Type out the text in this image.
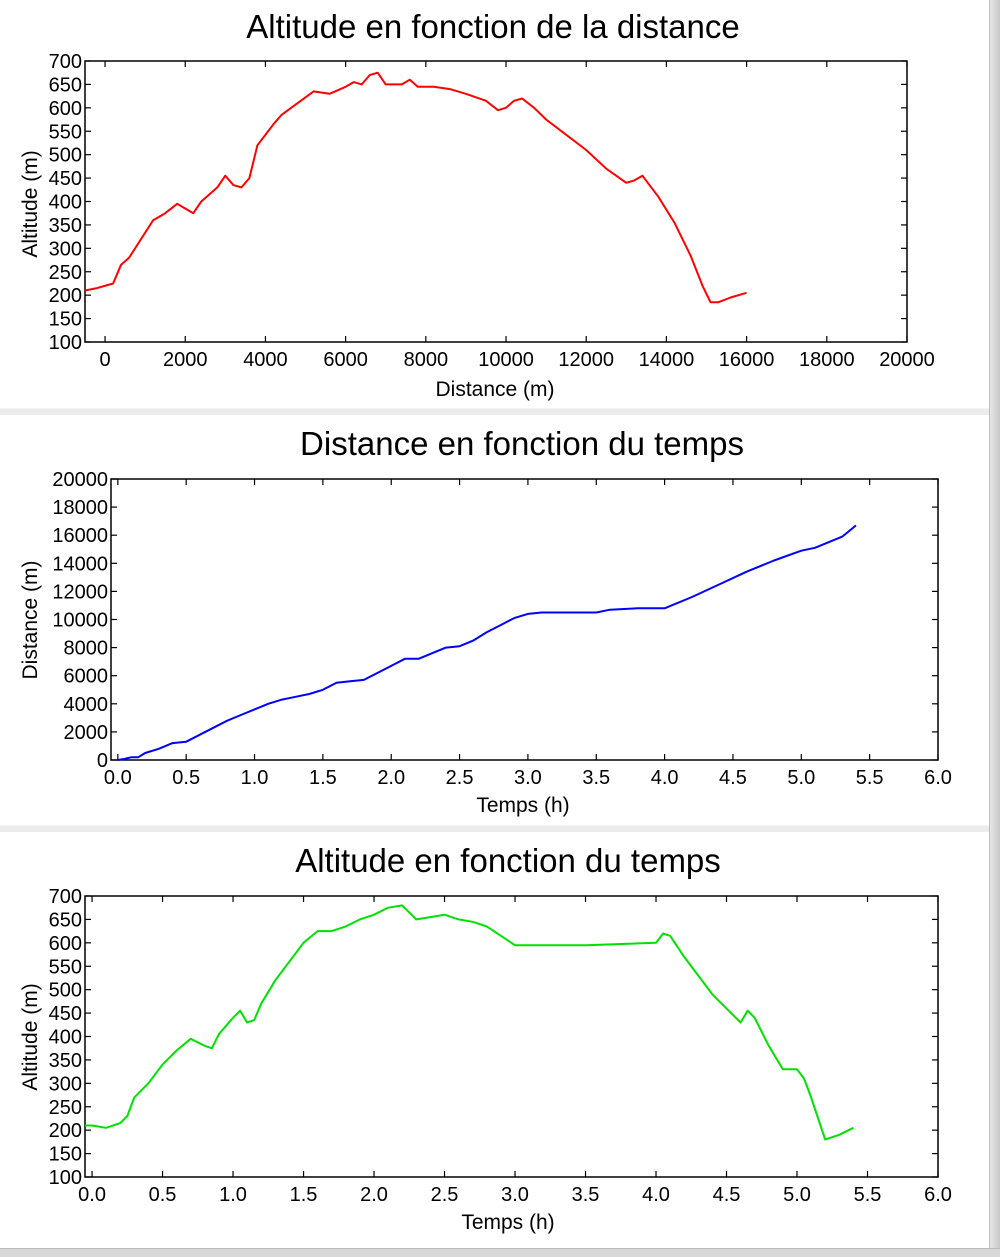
Altitude en fonction de la distance
Altitude (m)
Distance (m)
100
150
200
250
300
350
400
450
500
550
600
650
700
0	2000 4000 6000 8000 10000 12000 14000 16000 18000 20000
Distance en fonction du temps
Distance (m)
Temps (h)
0
2000
4000
6000
8000
10000
12000
14000
16000
18000
20000
0.0 0.5 1.0 1.5 2.0 2.5 3.0 3.5 4.0 4.5 5.0 5.5 6.0
Altitude en fonction du temps
Altitude (m)
Temps (h)
100
150
200
250
300
350
400
450
500
550
600
650
700
0.0 0.5 1.0 1.5 2.0 2.5 3.0 3.5 4.0 4.5 5.0 5.5 6.0
